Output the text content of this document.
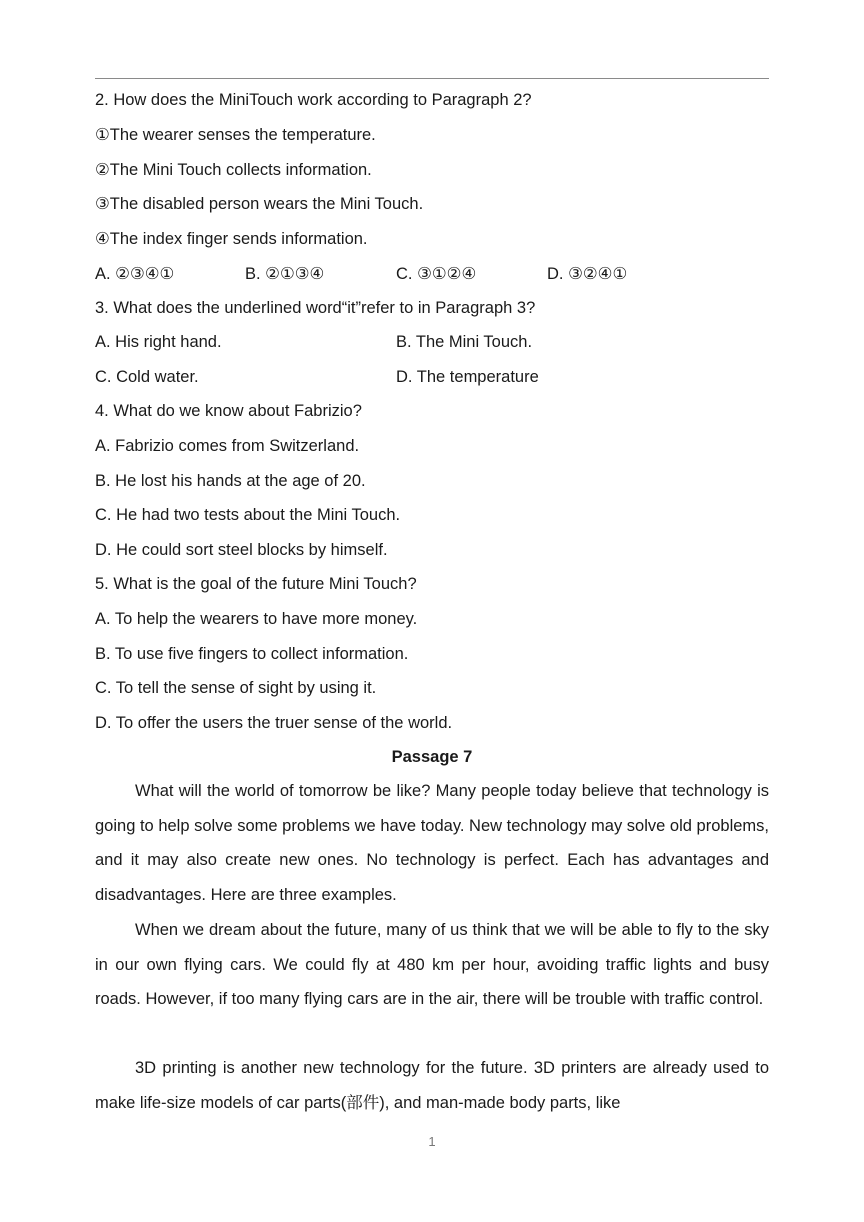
2. How does the MiniTouch work according to Paragraph 2?
①The wearer senses the temperature.
②The Mini Touch collects information.
③The disabled person wears the Mini Touch.
④The index finger sends information.
A. ②③④①	B. ②①③④	C. ③①②④	D. ③②④①
3. What does the underlined word“it”refer to in Paragraph 3?
A. His right hand.	B. The Mini Touch.
C. Cold water.	D. The temperature
4. What do we know about Fabrizio?
A. Fabrizio comes from Switzerland.
B. He lost his hands at the age of 20.
C. He had two tests about the Mini Touch.
D. He could sort steel blocks by himself.
5. What is the goal of the future Mini Touch?
A. To help the wearers to have more money.
B. To use five fingers to collect information.
C. To tell the sense of sight by using it.
D. To offer the users the truer sense of the world.
Passage 7

What will the world of tomorrow be like? Many people today believe that technology is going to help solve some problems we have today. New technology may solve old problems, and it may also create new ones. No technology is perfect. Each has advantages and disadvantages. Here are three examples.

When we dream about the future, many of us think that we will be able to fly to the sky in our own flying cars. We could fly at 480 km per hour, avoiding traffic lights and busy roads. However, if too many flying cars are in the air, there will be trouble with traffic control.

3D printing is another new technology for the future. 3D printers are already used to make life-size models of car parts(部件), and man-made body parts, like

1
